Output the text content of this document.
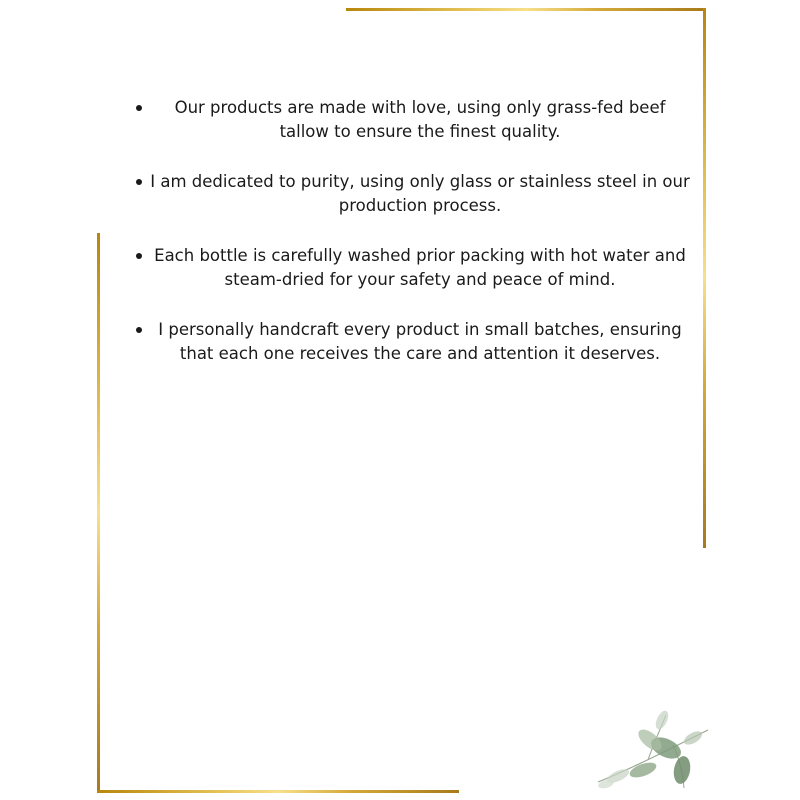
Our products are made with love, using only grass-fed beef tallow to ensure the finest quality.
I am dedicated to purity, using only glass or stainless steel in our production process.
Each bottle is carefully washed prior packing with hot water and steam-dried for your safety and peace of mind.
I personally handcraft every product in small batches, ensuring that each one receives the care and attention it deserves.
